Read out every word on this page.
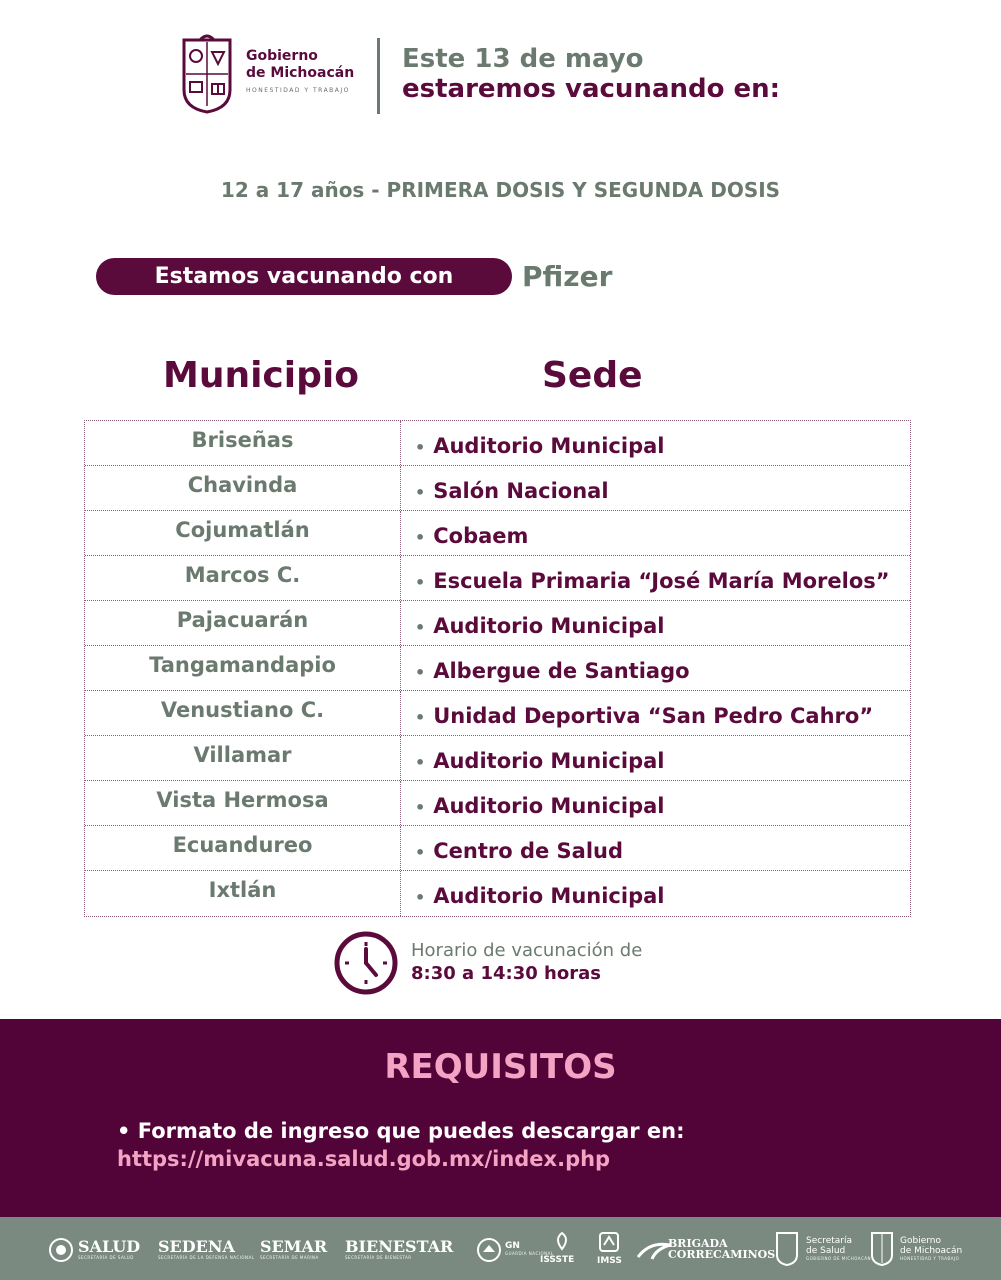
Gobierno
de Michoacán
HONESTIDAD Y TRABAJO
Este 13 de mayo
estaremos vacunando en:
12 a 17 años - PRIMERA DOSIS Y SEGUNDA DOSIS
Estamos vacunando con	Pfizer
Municipio	Sede
Briseñas	• Auditorio Municipal
Chavinda	• Salón Nacional
Cojumatlán	• Cobaem
Marcos C.	• Escuela Primaria “José María Morelos”
Pajacuarán	• Auditorio Municipal
Tangamandapio	• Albergue de Santiago
Venustiano C.	• Unidad Deportiva “San Pedro Cahro”
Villamar	• Auditorio Municipal
Vista Hermosa	• Auditorio Municipal
Ecuandureo	• Centro de Salud
Ixtlán	• Auditorio Municipal
Horario de vacunación de
8:30 a 14:30 horas
REQUISITOS
• Formato de ingreso que puedes descargar en:
https://mivacuna.salud.gob.mx/index.php
SALUD
SECRETARÍA DE SALUD
SEDENA
SECRETARÍA DE LA DEFENSA NACIONAL
SEMAR
SECRETARÍA DE MARINA
BIENESTAR
SECRETARÍA DE BIENESTAR
GN
GUARDIA NACIONAL
ISSSTE	IMSS
BRIGADA
CORRECAMINOS
Secretaría
de Salud
GOBIERNO DE MICHOACÁN
Gobierno
de Michoacán
HONESTIDAD Y TRABAJO
